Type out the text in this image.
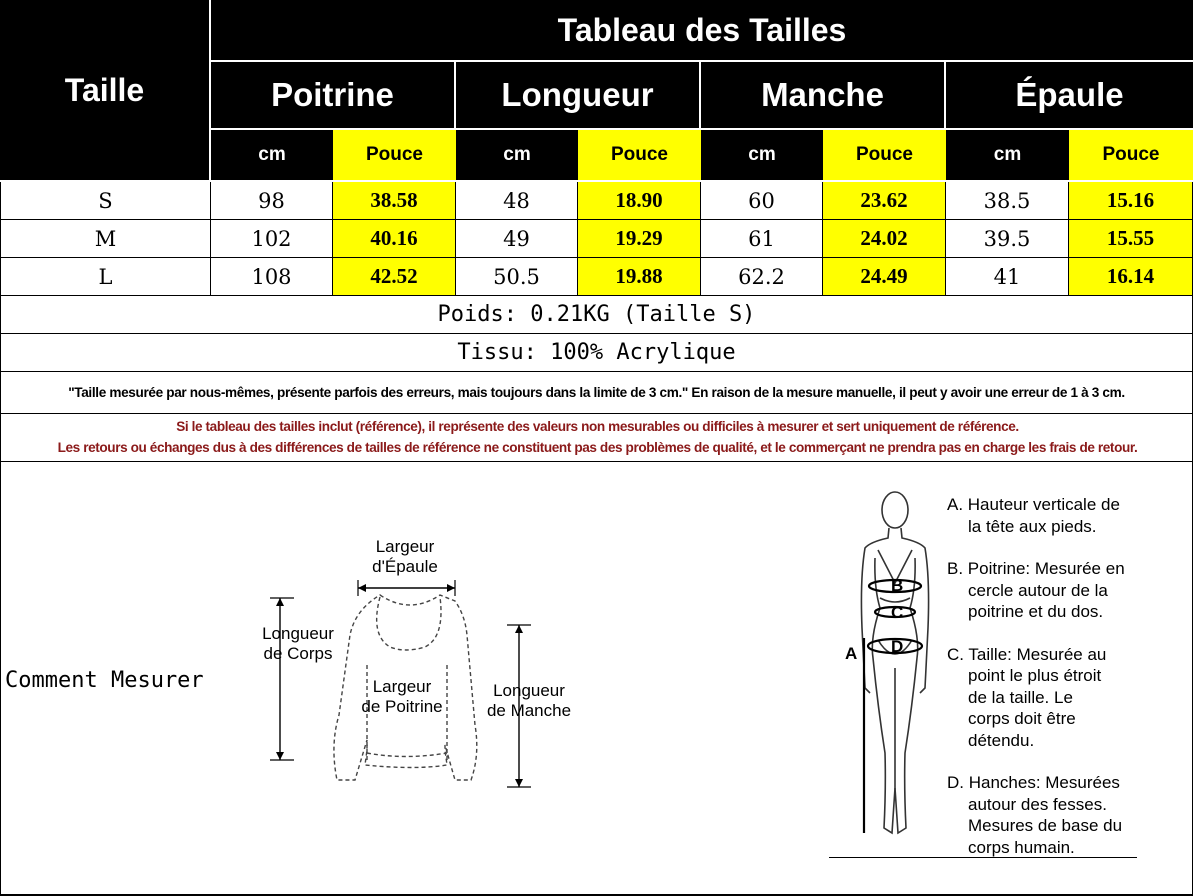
Taille
Tableau des Tailles
Poitrine	Longueur	Manche	Épaule
cm	Pouce	cm	Pouce	cm	Pouce	cm	Pouce
S	98	38.58	48	18.90	60	23.62	38.5	15.16
M	102	40.16	49	19.29	61	24.02	39.5	15.55
L	108	42.52	50.5	19.88	62.2	24.49	41	16.14
Poids: 0.21KG (Taille S)
Tissu: 100% Acrylique
"Taille mesurée par nous-mêmes, présente parfois des erreurs, mais toujours dans la limite de 3 cm." En raison de la mesure manuelle, il peut y avoir une erreur de 1 à 3 cm.
Si le tableau des tailles inclut (référence), il représente des valeurs non mesurables ou difficiles à mesurer et sert uniquement de référence.
Les retours ou échanges dus à des différences de tailles de référence ne constituent pas des problèmes de qualité, et le commerçant ne prendra pas en charge les frais de retour.
Comment Mesurer
Largeur
d'Épaule
Longueur
de Corps
Largeur
de Poitrine
Longueur
de Manche
A
B
C
D
A. Hauteur verticale de
la tête aux pieds.
B. Poitrine: Mesurée en
cercle autour de la
poitrine et du dos.
C. Taille: Mesurée au
point le plus étroit
de la taille. Le
corps doit être
détendu.
D. Hanches: Mesurées
autour des fesses.
Mesures de base du
corps humain.
